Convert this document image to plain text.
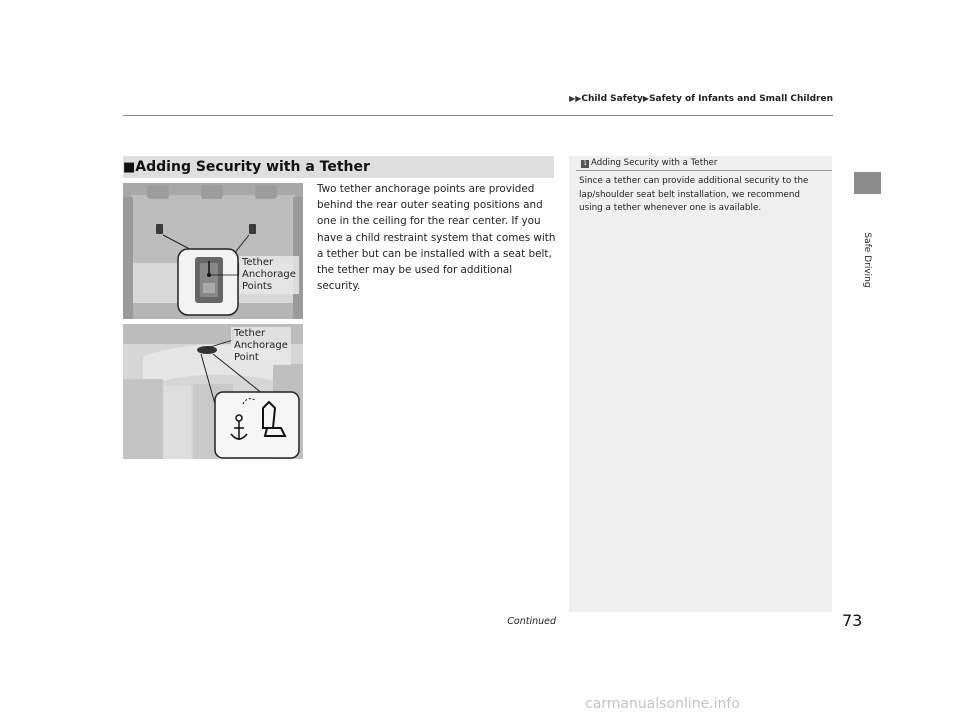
▶▶Child Safety▶Safety of Infants and Small Children
Safe Driving
■Adding Security with a Tether
Two tether anchorage points are provided behind the rear outer seating positions and one in the ceiling for the rear center. If you have a child restraint system that comes with a tether but can be installed with a seat belt, the tether may be used for additional security.
Tether
Anchorage
Points
Tether
Anchorage
Point
1 Adding Security with a Tether
Since a tether can provide additional security to the lap/shoulder seat belt installation, we recommend using a tether whenever one is available.
Continued	73
carmanualsonline.info
